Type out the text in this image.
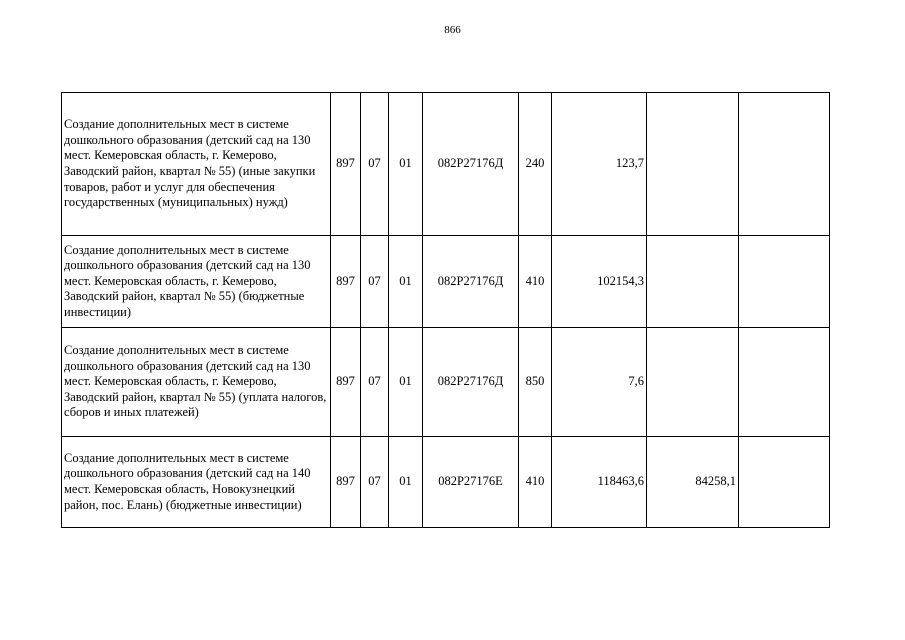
866
Создание дополнительных мест в системе дошкольного образования (детский сад на 130 мест. Кемеровская область, г. Кемерово, Заводский район, квартал № 55) (иные закупки товаров, работ и услуг для обеспечения государственных (муниципальных) нужд)	897	07	01	082P27176Д	240	123,7		
Создание дополнительных мест в системе дошкольного образования (детский сад на 130 мест. Кемеровская область, г. Кемерово, Заводский район, квартал № 55) (бюджетные инвестиции)	897	07	01	082P27176Д	410	102154,3		
Создание дополнительных мест в системе дошкольного образования (детский сад на 130 мест. Кемеровская область, г. Кемерово, Заводский район, квартал № 55) (уплата налогов, сборов и иных платежей)	897	07	01	082P27176Д	850	7,6		
Создание дополнительных мест в системе дошкольного образования (детский сад на 140 мест. Кемеровская область, Новокузнецкий район, пос. Елань) (бюджетные инвестиции)	897	07	01	082P27176E	410	118463,6	84258,1	
